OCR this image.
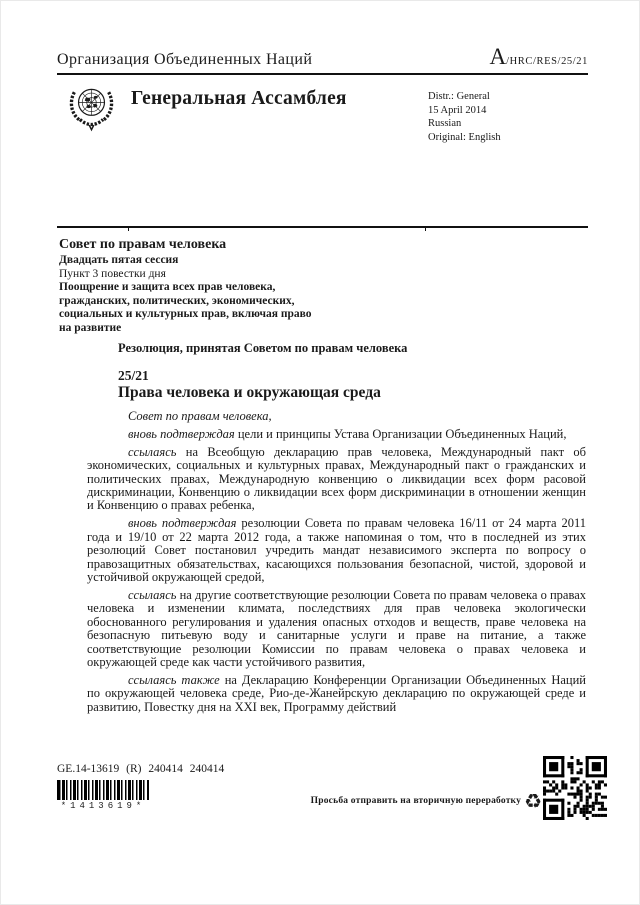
Организация Объединенных Наций	A /HRC/RES/25/21
Генеральная Ассамблея	Distr.: General
15 April 2014
Russian
Original: English
Совет по правам человека
Двадцать пятая сессия
Пункт 3 повестки дня
Поощрение и защита всех прав человека, гражданских, политических, экономических, социальных и культурных прав, включая право на развитие
Резолюция, принятая Советом по правам человека
25/21
Права человека и окружающая среда

Совет по правам человека,

вновь подтверждая цели и принципы Устава Организации Объединенных Наций,

ссылаясь на Всеобщую декларацию прав человека, Международный пакт об экономических, социальных и культурных правах, Международный пакт о гражданских и политических правах, Международную конвенцию о ликвидации всех форм расовой дискриминации, Конвенцию о ликвидации всех форм дискриминации в отношении женщин и Конвенцию о правах ребенка,

вновь подтверждая резолюции Совета по правам человека 16/11 от 24 марта 2011 года и 19/10 от 22 марта 2012 года, а также напоминая о том, что в последней из этих резолюций Совет постановил учредить мандат независимого эксперта по вопросу о правозащитных обязательствах, касающихся пользования безопасной, чистой, здоровой и устойчивой окружающей средой,

ссылаясь на другие соответствующие резолюции Совета по правам человека о правах человека и изменении климата, последствиях для прав человека экологически обоснованного регулирования и удаления опасных отходов и веществ, праве человека на безопасную питьевую воду и санитарные услуги и праве на питание, а также соответствующие резолюции Комиссии по правам человека о правах человека и окружающей среде как части устойчивого развития,

ссылаясь также на Декларацию Конференции Организации Объединенных Наций по окружающей человека среде, Рио-де-Жанейрскую декларацию по окружающей среде и развитию, Повестку дня на XXI век, Программу действий

GE.14-13619 (R) 240414 240414
*1413619*	Просьба отправить на вторичную переработку ♻
